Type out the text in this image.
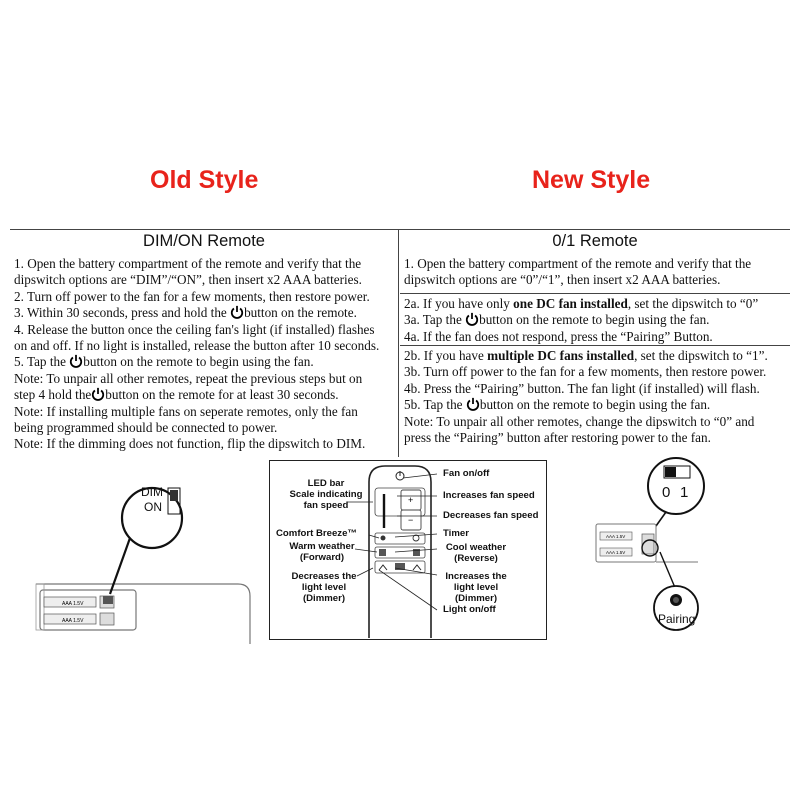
Old Style	New Style
DIM/ON Remote
1. Open the battery compartment of the remote and verify that the
dipswitch options are “DIM”/“ON”, then insert x2 AAA batteries.
2. Turn off power to the fan for a few moments, then restore power.
3. Within 30 seconds, press and hold the button on the remote.
4. Release the button once the ceiling fan's light (if installed) flashes
on and off. If no light is installed, release the button after 10 seconds.
5. Tap the button on the remote to begin using the fan.
Note: To unpair all other remotes, repeat the previous steps but on
step 4 hold the button on the remote for at least 30 seconds.
Note: If installing multiple fans on seperate remotes, only the fan
being programmed should be connected to power.
Note: If the dimming does not function, flip the dipswitch to DIM.
0/1 Remote
1. Open the battery compartment of the remote and verify that the
dipswitch options are “0”/“1”, then insert x2 AAA batteries.
2a. If you have only one DC fan installed, set the dipswitch to “0”
3a. Tap the button on the remote to begin using the fan.
4a. If the fan does not respond, press the “Pairing” Button.
2b. If you have multiple DC fans installed, set the dipswitch to “1”.
3b. Turn off power to the fan for a few moments, then restore power.
4b. Press the “Pairing” button. The fan light (if installed) will flash.
5b. Tap the button on the remote to begin using the fan.
Note: To unpair all other remotes, change the dipswitch to “0” and
press the “Pairing” button after restoring power to the fan.
AAA 1.5V
AAA 1.5V
DIM
ON	+
−
LED bar
Scale indicating
fan speed
Comfort Breeze™
Warm weather
(Forward)
Decreases the
light level
(Dimmer)
Fan on/off
Increases fan speed
Decreases fan speed
Timer
Cool weather
(Reverse)
Increases the
light level
(Dimmer)
Light on/off
AAA 1.5V
AAA 1.5V
0 1
Pairing
